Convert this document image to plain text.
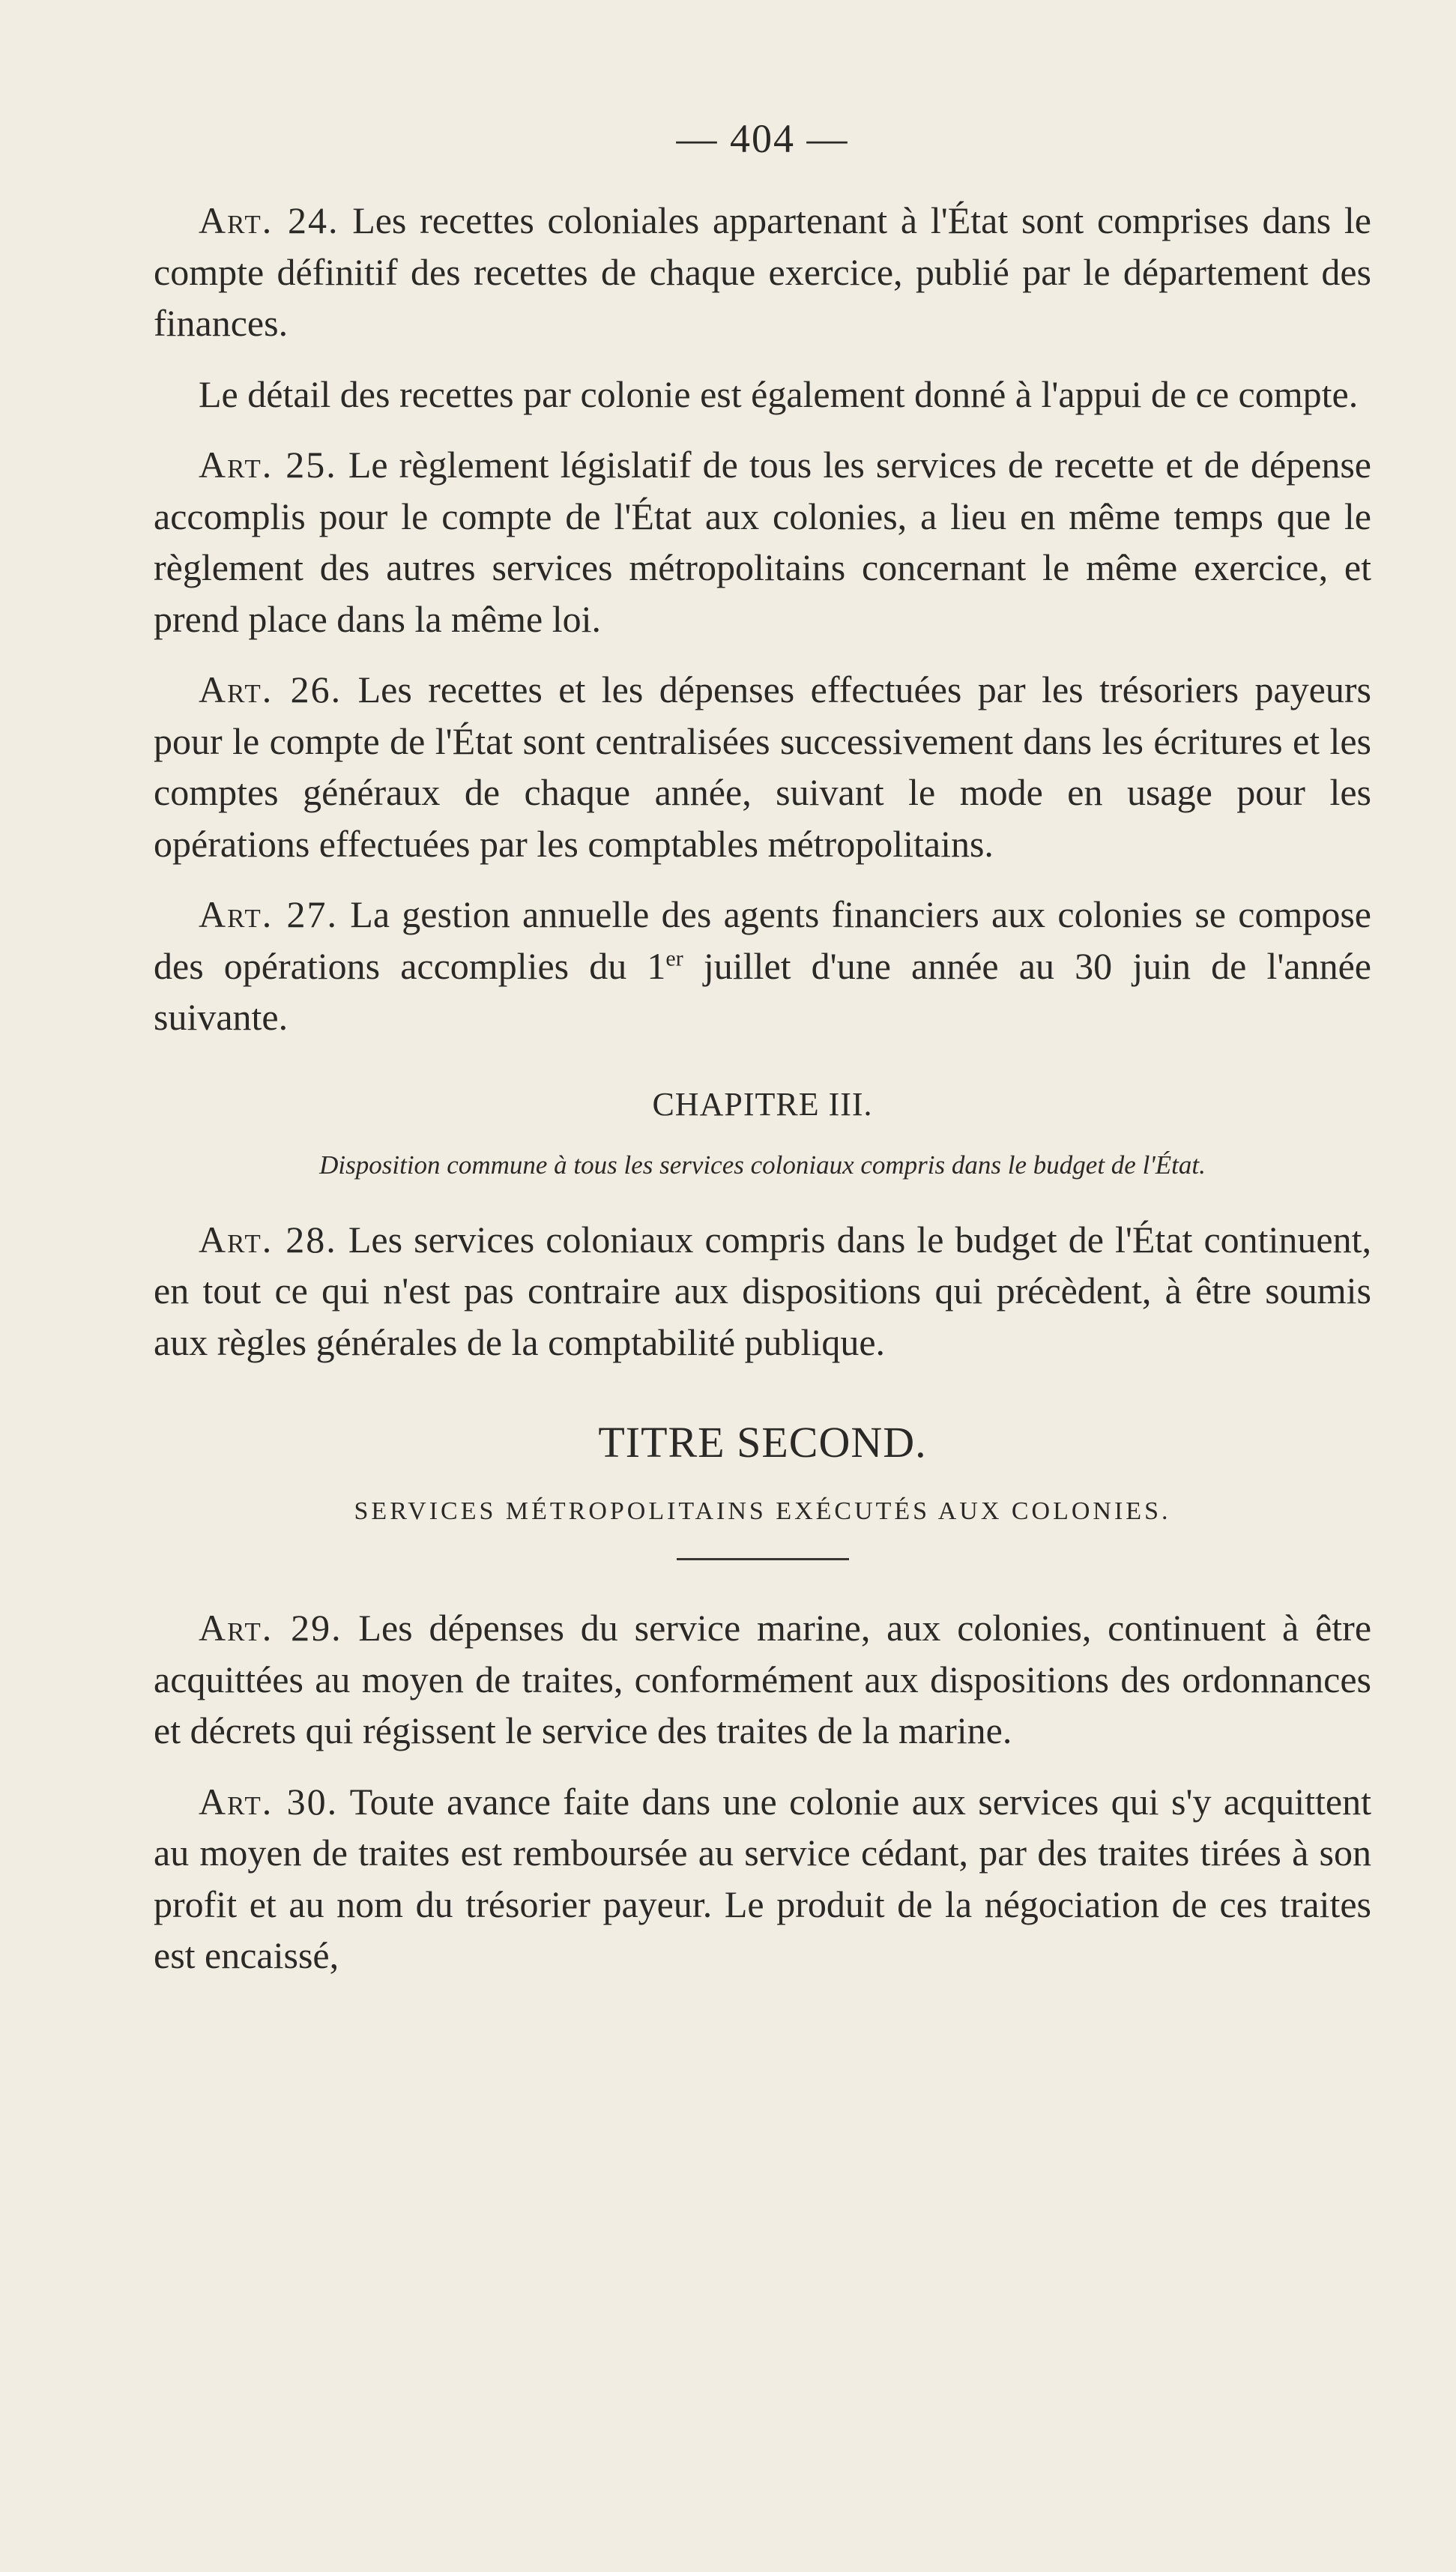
— 404 —

Art. 24. Les recettes coloniales appartenant à l'État sont comprises dans le compte définitif des recettes de chaque exercice, publié par le département des finances.

Le détail des recettes par colonie est également donné à l'appui de ce compte.

Art. 25. Le règlement législatif de tous les services de recette et de dépense accomplis pour le compte de l'État aux colonies, a lieu en même temps que le règlement des autres services métropolitains concernant le même exercice, et prend place dans la même loi.

Art. 26. Les recettes et les dépenses effectuées par les trésoriers payeurs pour le compte de l'État sont centralisées successivement dans les écritures et les comptes généraux de chaque année, suivant le mode en usage pour les opérations effectuées par les comptables métropolitains.

Art. 27. La gestion annuelle des agents financiers aux colonies se compose des opérations accomplies du 1er juillet d'une année au 30 juin de l'année suivante.

CHAPITRE III.
Disposition commune à tous les services coloniaux compris dans le budget de l'État.

Art. 28. Les services coloniaux compris dans le budget de l'État continuent, en tout ce qui n'est pas contraire aux dispositions qui précèdent, à être soumis aux règles générales de la comptabilité publique.

TITRE SECOND.
SERVICES MÉTROPOLITAINS EXÉCUTÉS AUX COLONIES.

Art. 29. Les dépenses du service marine, aux colonies, continuent à être acquittées au moyen de traites, conformément aux dispositions des ordonnances et décrets qui régissent le service des traites de la marine.

Art. 30. Toute avance faite dans une colonie aux services qui s'y acquittent au moyen de traites est remboursée au service cédant, par des traites tirées à son profit et au nom du trésorier payeur. Le produit de la négociation de ces traites est encaissé,
